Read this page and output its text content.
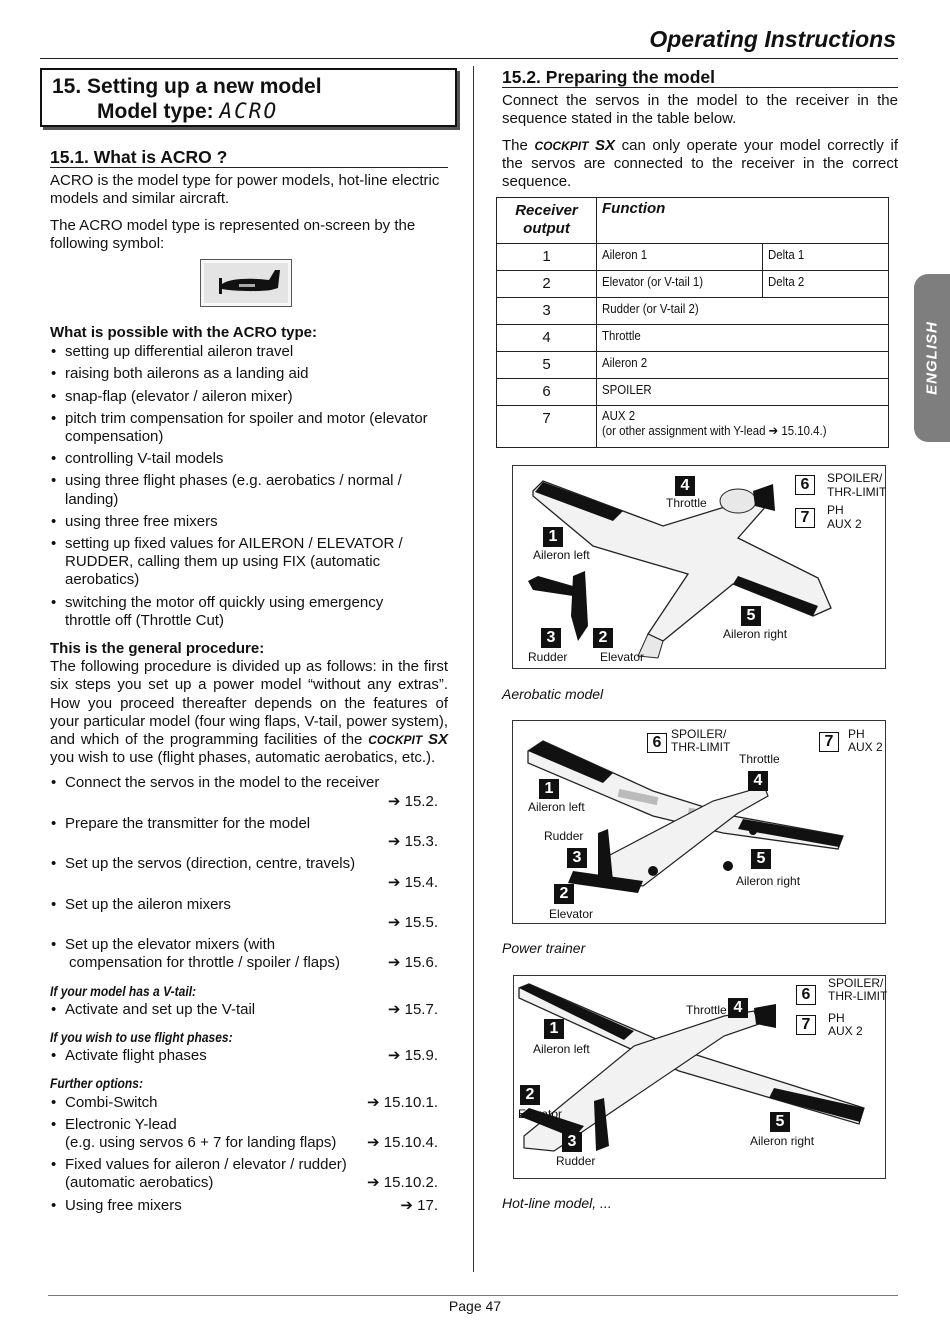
Operating Instructions
ENGLISH
15. Setting up a new model
Model type: ACRO
15.1. What is ACRO ?

ACRO is the model type for power models, hot-line electric models and similar aircraft.

The ACRO model type is represented on-screen by the following symbol:

What is possible with the ACRO type:

• setting up differential aileron travel
• raising both ailerons as a landing aid
• snap-flap (elevator / aileron mixer)
• pitch trim compensation for spoiler and motor (elevator compensation)
• controlling V-tail models
• using three flight phases (e.g. aerobatics / normal / landing)
• using three free mixers
• setting up fixed values for AILERON / ELEVATOR / RUDDER, calling them up using FIX (automatic aerobatics)
• switching the motor off quickly using emergency throttle off (Throttle Cut)

This is the general procedure:

The following procedure is divided up as follows: in the first six steps you set up a power model “without any extras”. How you proceed thereafter depends on the features of your particular model (four wing flaps, V-tail, power system), and which of the programming facilities of the COCKPIT SX you wish to use (flight phases, automatic aerobatics, etc.).

• Connect the servos in the model to the receiver
➔ 15.2.
• Prepare the transmitter for the model
➔ 15.3.
• Set up the servos (direction, centre, travels)
➔ 15.4.
• Set up the aileron mixers
➔ 15.5.
• Set up the elevator mixers (with
compensation for throttle / spoiler / flaps)	➔ 15.6.
If your model has a V-tail:
• Activate and set up the V-tail	➔ 15.7.
If you wish to use flight phases:
• Activate flight phases	➔ 15.9.
Further options:
• Combi-Switch	➔ 15.10.1.
• Electronic Y-lead
(e.g. using servos 6 + 7 for landing flaps) ➔ 15.10.4.
• Fixed values for aileron / elevator / rudder)
(automatic aerobatics)	➔ 15.10.2.
• Using free mixers	➔ 17.
15.2. Preparing the model

Connect the servos in the model to the receiver in the sequence stated in the table below.

The COCKPIT SX can only operate your model correctly if the servos are connected to the receiver in the correct sequence.

Receiver output	Function	
1	Aileron 1	Delta 1
2	Elevator (or V-tail 1)	Delta 2
3	Rudder (or V-tail 2)	
4	Throttle	
5	Aileron 2	
6	SPOILER	
7	AUX 2
(or other assignment with Y-lead ➔ 15.10.4.)	
4
Throttle
6	SPOILER/
THR-LIMIT
7	PH
AUX 2
1
Aileron left
5
Aileron right
3
Rudder
2
Elevator
Aerobatic model
6 SPOILER/
THR-LIMIT	7	PH
AUX 2
Throttle
4
1
Aileron left
Rudder
3	5
Aileron right
2
Elevator
Power trainer
Throttle 4
6
SPOILER/
THR-LIMIT
7	PH
AUX 2
1
Aileron left
2
Elevator
3
Rudder
5
Aileron right
Hot-line model, ...
Page 47
